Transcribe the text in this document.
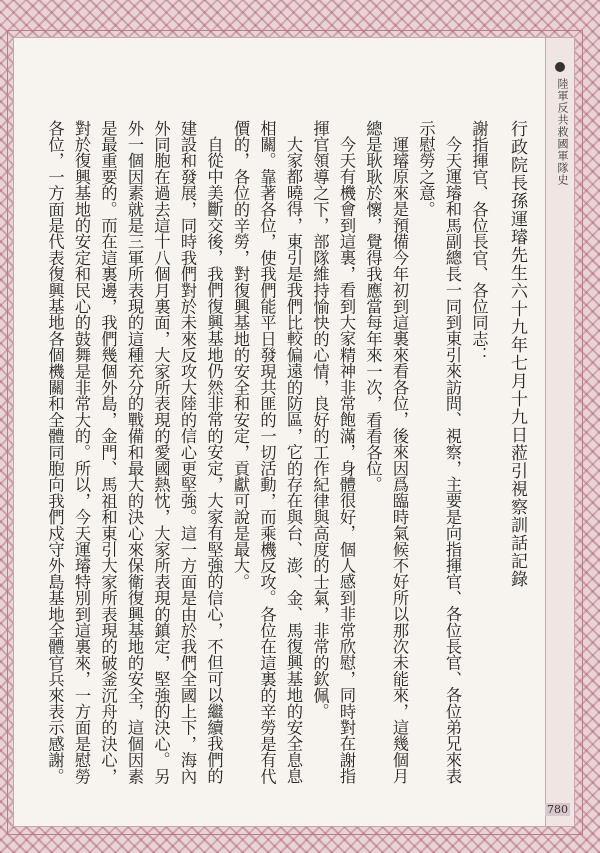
陸軍反共救國軍隊史
行政院長孫運璿先生六十九年七月十九日蒞引視察訓話記錄

謝指揮官、各位長官、各位同志：

今天運璿和馬副總長一同到東引來訪問、視察，主要是向指揮官、各位長官、各位弟兄來表示慰勞之意。

運璿原來是預備今年初到這裏來看各位，後來因爲臨時氣候不好所以那次未能來，這幾個月總是耿耿於懷，覺得我應當每年來一次，看看各位。

今天有機會到這裏，看到大家精神非常飽滿，身體很好，個人感到非常欣慰，同時對在謝指揮官領導之下，部隊維持愉快的心情，良好的工作紀律與高度的士氣，非常的欽佩。

大家都曉得，東引是我們比較偏遠的防區，它的存在與台、澎、金、馬復興基地的安全息息相關。靠著各位，使我們能平日發現共匪的一切活動，而乘機反攻。各位在這裏的辛勞是有代價的，各位的辛勞，對復興基地的安全和安定，貢獻可說是最大。

自從中美斷交後，我們復興基地仍然非常的安定，大家有堅強的信心，不但可以繼續我們的建設和發展，同時我們對於未來反攻大陸的信心更堅強。這一方面是由於我們全國上下，海內外同胞在過去這十八個月裏面，大家所表現的愛國熱忱，大家所表現的鎮定，堅強的決心。另外一個因素就是三軍所表現的這種充分的戰備和最大的決心來保衛復興基地的安全，這個因素是最重要的。而在這裏邊，我們幾個外島，金門、馬祖和東引大家所表現的破釜沉舟的決心，對於復興基地的安定和民心的鼓舞是非常大的。所以，今天運璿特別到這裏來，一方面是慰勞各位，一方面是代表復興基地各個機關和全體同胞向我們戍守外島基地全體官兵來表示感謝。

780
